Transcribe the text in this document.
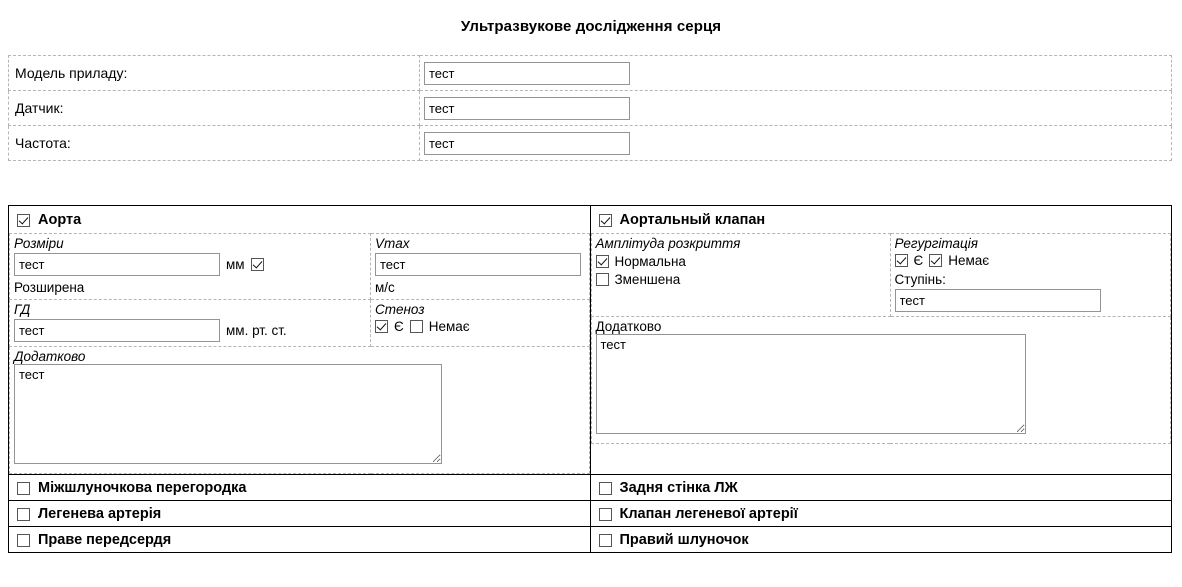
Ультразвукове дослідження серця
Модель приладу:	тест
Датчик:	тест
Частота:	тест
Аорта
Розміри
тест
мм
Розширена

Vmax
тест
м/с

ГД
тест
мм. рт. ст.

Стеноз
Є Немає

Додатково
тест

Аортальный клапан
Амплітуда розкриття
Нормальна
Зменшена

Регургітація
Є Немає
Ступінь:
тест

Додатково
тест
Міжшлуночкова перегородка	Задня стінка ЛЖ

Легенева артерія	Клапан легеневої артерії

Праве передсердя	Правий шлуночок
